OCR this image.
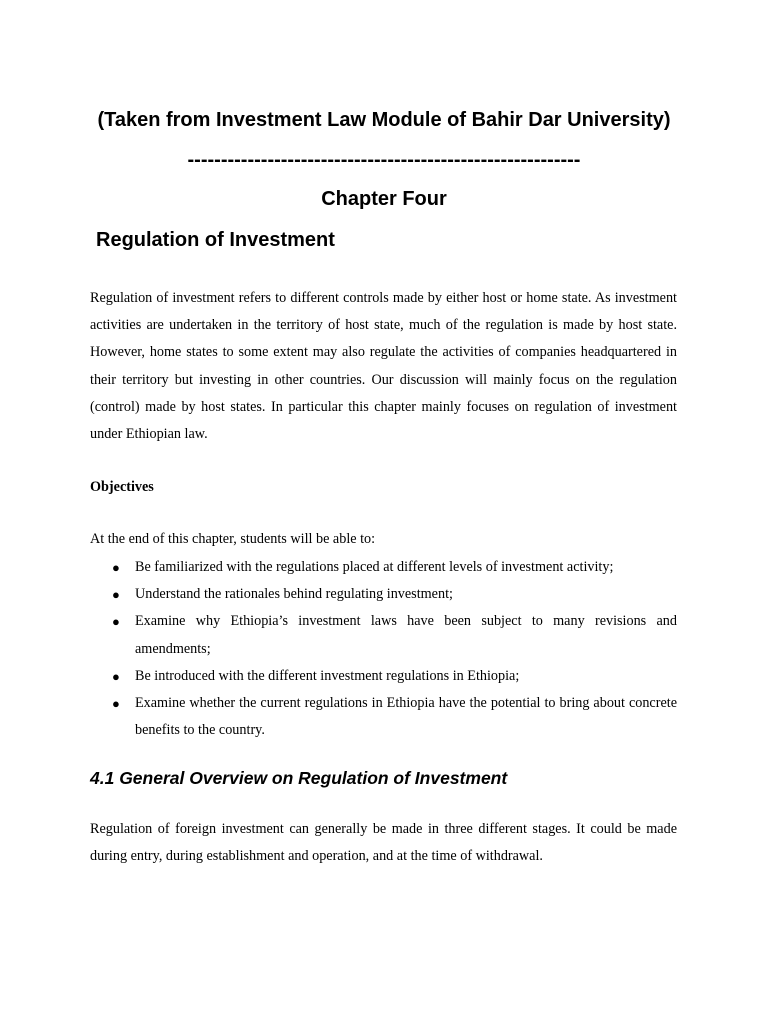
(Taken from Investment Law Module of Bahir Dar University)
-----------------------------------------------------------
Chapter Four
Regulation of Investment

Regulation of investment refers to different controls made by either host or home state. As investment activities are undertaken in the territory of host state, much of the regulation is made by host state. However, home states to some extent may also regulate the activities of companies headquartered in their territory but investing in other countries. Our discussion will mainly focus on the regulation (control) made by host states. In particular this chapter mainly focuses on regulation of investment under Ethiopian law.

Objectives
At the end of this chapter, students will be able to:
● Be familiarized with the regulations placed at different levels of investment activity;
● Understand the rationales behind regulating investment;
● Examine why Ethiopia’s investment laws have been subject to many revisions and amendments;
● Be introduced with the different investment regulations in Ethiopia;
● Examine whether the current regulations in Ethiopia have the potential to bring about concrete benefits to the country.
4.1 General Overview on Regulation of Investment

Regulation of foreign investment can generally be made in three different stages. It could be made during entry, during establishment and operation, and at the time of withdrawal.
